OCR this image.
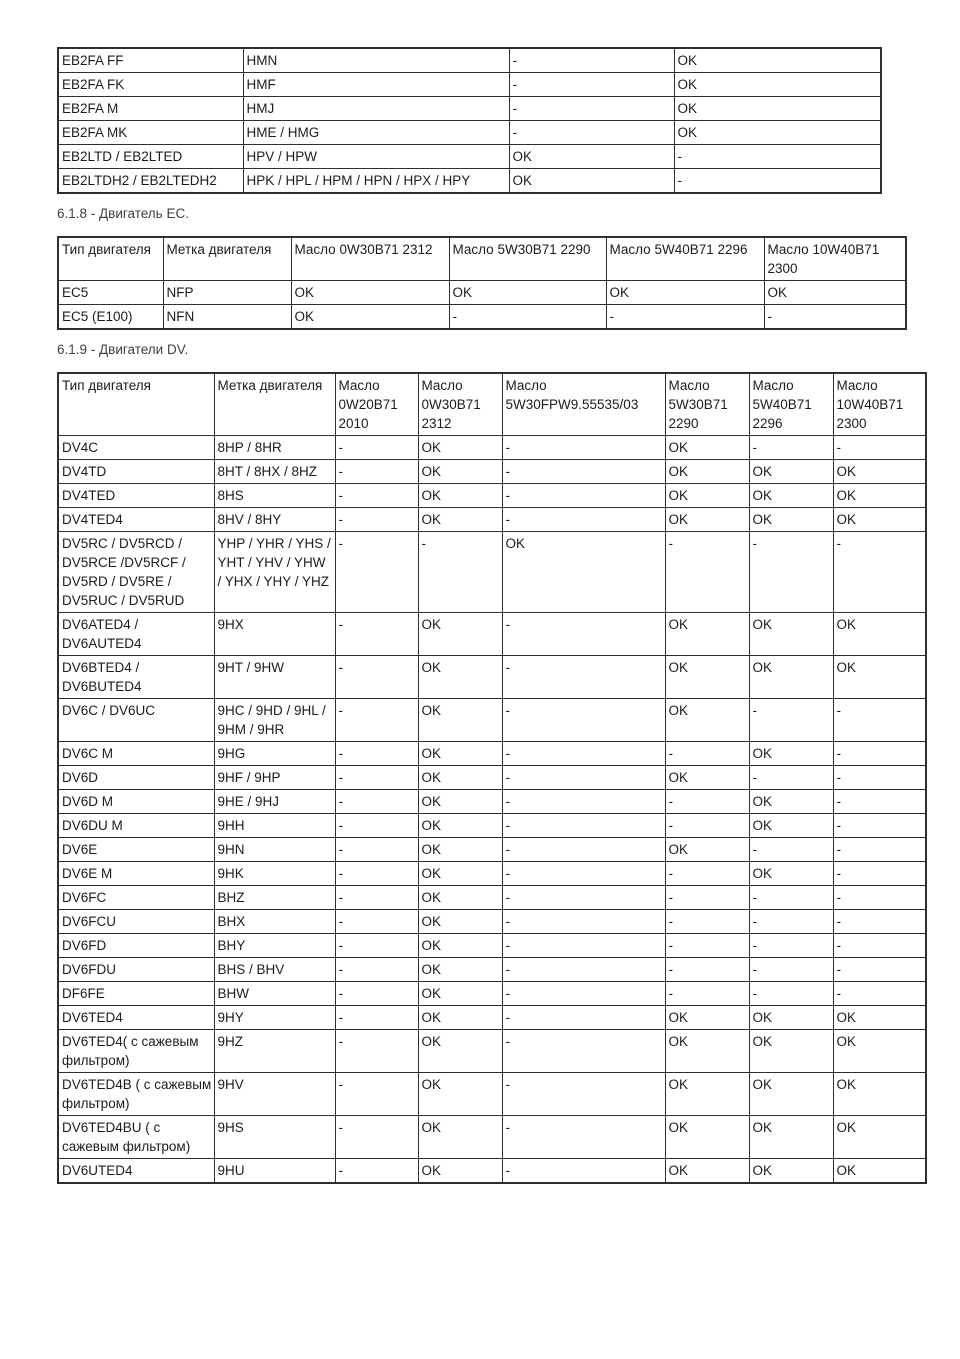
EB2FA FF	HMN	-	OK
EB2FA FK	HMF	-	OK
EB2FA M	HMJ	-	OK
EB2FA MK	HME / HMG	-	OK
EB2LTD / EB2LTED	HPV / HPW	OK	-
EB2LTDH2 / EB2LTEDH2	HPK / HPL / HPM / HPN / HPX / HPY	OK	-
6.1.8 - Двигатель EC.
Тип двигателя	Метка двигателя	Масло 0W30B71 2312	Масло 5W30B71 2290	Масло 5W40B71 2296	Масло 10W40B71 2300
EC5	NFP	OK	OK	OK	OK
EC5 (E100)	NFN	OK	-	-	-
6.1.9 - Двигатели DV.
Тип двигателя	Метка двигателя	Масло 0W20B71 2010	Масло 0W30B71 2312	Масло 5W30FPW9.55535/03	Масло 5W30B71 2290	Масло 5W40B71 2296	Масло 10W40B71 2300
DV4C	8HP / 8HR	-	OK	-	OK	-	-
DV4TD	8HT / 8HX / 8HZ	-	OK	-	OK	OK	OK
DV4TED	8HS	-	OK	-	OK	OK	OK
DV4TED4	8HV / 8HY	-	OK	-	OK	OK	OK
DV5RC / DV5RCD / DV5RCE /DV5RCF / DV5RD / DV5RE / DV5RUC / DV5RUD	YHP / YHR / YHS / YHT / YHV / YHW / YHX / YHY / YHZ	-	-	OK	-	-	-
DV6ATED4 / DV6AUTED4	9HX	-	OK	-	OK	OK	OK
DV6BTED4 / DV6BUTED4	9HT / 9HW	-	OK	-	OK	OK	OK
DV6C / DV6UC	9HC / 9HD / 9HL / 9HM / 9HR	-	OK	-	OK	-	-
DV6C M	9HG	-	OK	-	-	OK	-
DV6D	9HF / 9HP	-	OK	-	OK	-	-
DV6D M	9HE / 9HJ	-	OK	-	-	OK	-
DV6DU M	9HH	-	OK	-	-	OK	-
DV6E	9HN	-	OK	-	OK	-	-
DV6E M	9HK	-	OK	-	-	OK	-
DV6FC	BHZ	-	OK	-	-	-	-
DV6FCU	BHX	-	OK	-	-	-	-
DV6FD	BHY	-	OK	-	-	-	-
DV6FDU	BHS / BHV	-	OK	-	-	-	-
DF6FE	BHW	-	OK	-	-	-	-
DV6TED4	9HY	-	OK	-	OK	OK	OK
DV6TED4( с сажевым фильтром)	9HZ	-	OK	-	OK	OK	OK
DV6TED4B ( с сажевым фильтром)	9HV	-	OK	-	OK	OK	OK
DV6TED4BU ( с сажевым фильтром)	9HS	-	OK	-	OK	OK	OK
DV6UTED4	9HU	-	OK	-	OK	OK	OK
